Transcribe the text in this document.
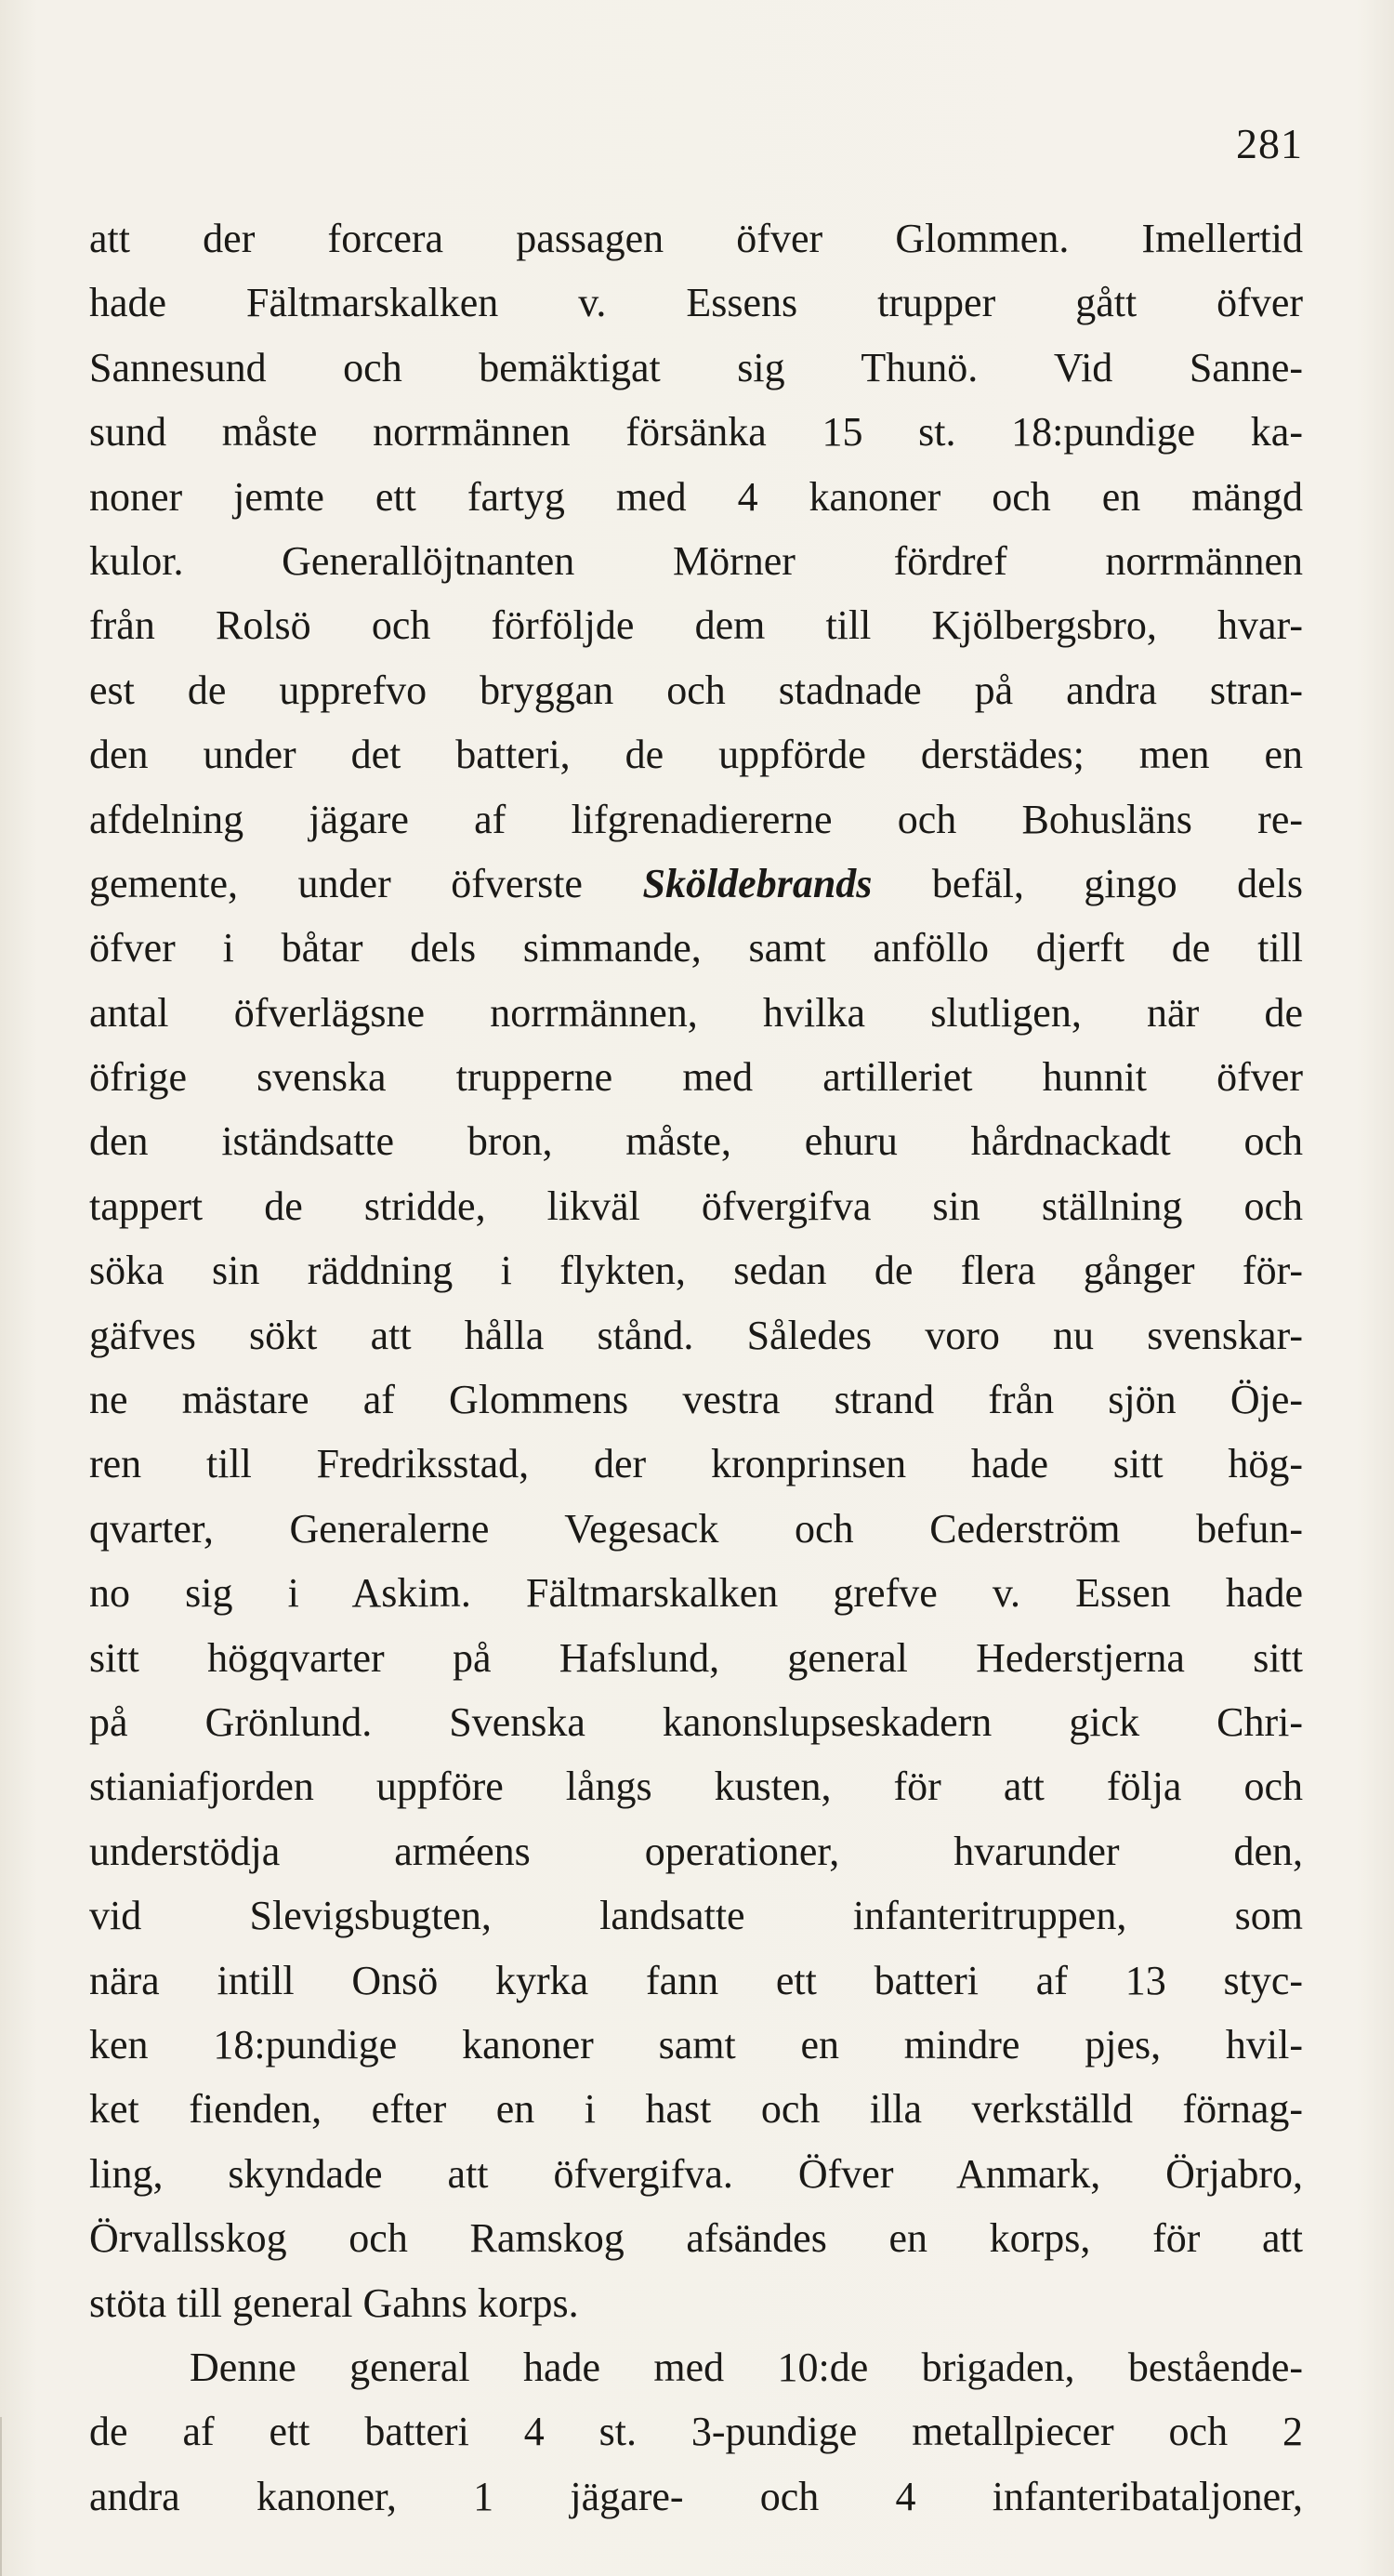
281
att der forcera passagen öfver Glommen. Imellertid
hade Fältmarskalken v. Essens trupper gått öfver
Sannesund och bemäktigat sig Thunö. Vid Sanne-
sund måste norrmännen försänka 15 st. 18:pundige ka-
noner jemte ett fartyg med 4 kanoner och en mängd
kulor. Generallöjtnanten Mörner fördref norrmännen
från Rolsö och förföljde dem till Kjölbergsbro, hvar-
est de upprefvo bryggan och stadnade på andra stran-
den under det batteri, de uppförde derstädes; men en
afdelning jägare af lifgrenadiererne och Bohusläns re-
gemente, under öfverste Sköldebrands befäl, gingo dels
öfver i båtar dels simmande, samt anföllo djerft de till
antal öfverlägsne norrmännen, hvilka slutligen, när de
öfrige svenska trupperne med artilleriet hunnit öfver
den iständsatte bron, måste, ehuru hårdnackadt och
tappert de stridde, likväl öfvergifva sin ställning och
söka sin räddning i flykten, sedan de flera gånger för-
gäfves sökt att hålla stånd. Således voro nu svenskar-
ne mästare af Glommens vestra strand från sjön Öje-
ren till Fredriksstad, der kronprinsen hade sitt hög-
qvarter, Generalerne Vegesack och Cederström befun-
no sig i Askim. Fältmarskalken grefve v. Essen hade
sitt högqvarter på Hafslund, general Hederstjerna sitt
på Grönlund. Svenska kanonslupseskadern gick Chri-
stianiafjorden uppföre långs kusten, för att följa och
understödja arméens operationer, hvarunder den,
vid Slevigsbugten, landsatte infanteritruppen, som
nära intill Onsö kyrka fann ett batteri af 13 styc-
ken 18:pundige kanoner samt en mindre pjes, hvil-
ket fienden, efter en i hast och illa verkställd förnag-
ling, skyndade att öfvergifva. Öfver Anmark, Örjabro,
Örvallsskog och Ramskog afsändes en korps, för att
stöta till general Gahns korps.
Denne general hade med 10:de brigaden, bestående-
de af ett batteri 4 st. 3-pundige metallpiecer och 2
andra kanoner, 1 jägare- och 4 infanteribataljoner,
